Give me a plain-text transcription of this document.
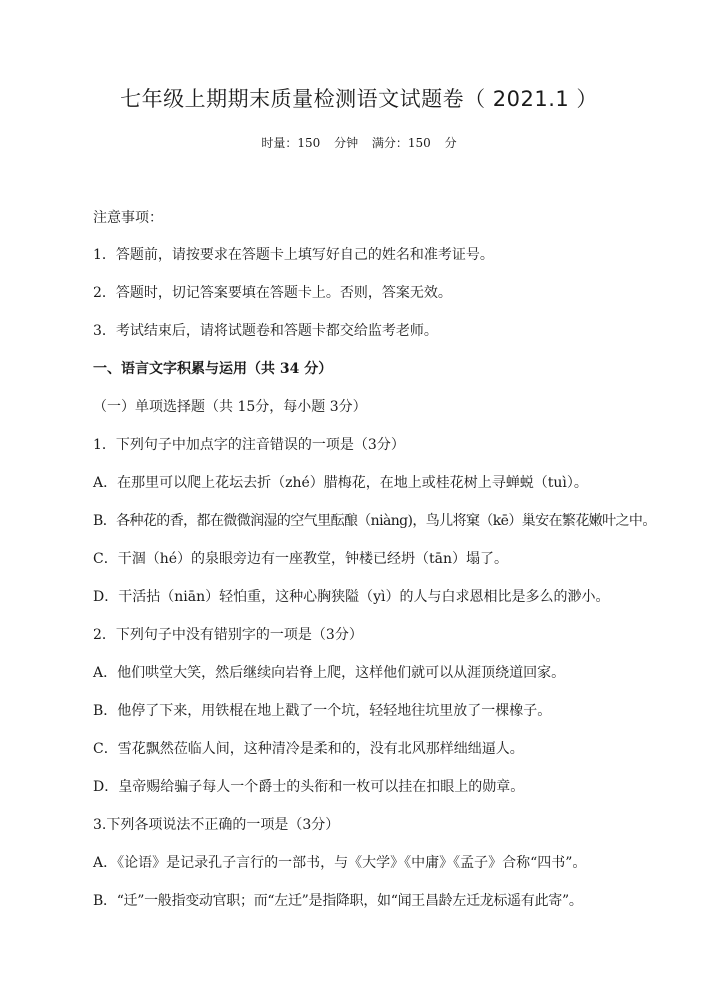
七年级上期期末质量检测语文试题卷（ 2021.1 ）
时量：150 分钟 满分：150 分
注意事项：
1．答题前，请按要求在答题卡上填写好自己的姓名和准考证号。
2．答题时，切记答案要填在答题卡上。否则，答案无效。
3．考试结束后，请将试题卷和答题卡都交给监考老师。
一、语言文字积累与运用（共 34 分）
（一）单项选择题（共 15分，每小题 3分）
1．下列句子中加点字的注音错误的一项是（3分）
A．在那里可以爬上花坛去折（zhé）腊梅花，在地上或桂花树上寻蝉蜕（tuì）。
B．各种花的香，都在微微润湿的空气里酝酿（niàng)，鸟儿将窠（kē）巢安在繁花嫩叶之中。
C．干涸（hé）的泉眼旁边有一座教堂，钟楼已经坍（tān）塌了。
D．干活拈（niān）轻怕重，这种心胸狭隘（yì）的人与白求恩相比是多么的渺小。
2．下列句子中没有错别字的一项是（3分）
A．他们哄堂大笑，然后继续向岩脊上爬，这样他们就可以从涯顶绕道回家。
B．他停了下来，用铁棍在地上戳了一个坑，轻轻地往坑里放了一棵橡子。
C．雪花飘然莅临人间，这种清冷是柔和的，没有北风那样绌绌逼人。
D．皇帝赐给骗子每人一个爵士的头衔和一枚可以挂在扣眼上的勋章。
3.下列各项说法不正确的一项是（3分）
A．《论语》是记录孔子言行的一部书，与《大学》《中庸》《孟子》合称“四书”。
B．“迁”一般指变动官职；而“左迁”是指降职，如“闻王昌龄左迁龙标遥有此寄”。
